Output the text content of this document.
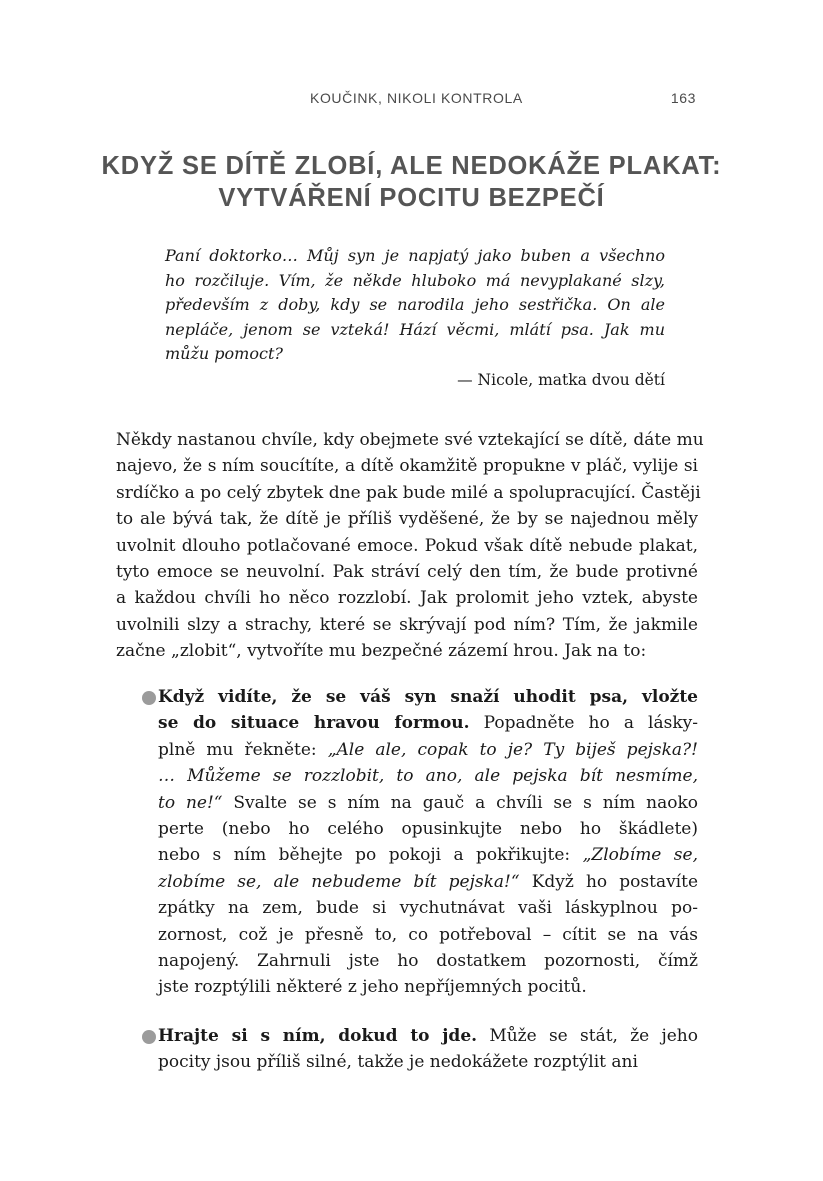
KOUČINK, NIKOLI KONTROLA	163
KDYŽ SE DÍTĚ ZLOBÍ, ALE NEDOKÁŽE PLAKAT:
VYTVÁŘENÍ POCITU BEZPEČÍ
Paní doktorko… Můj syn je napjatý jako buben a všechno
ho rozčiluje. Vím, že někde hluboko má nevyplakané slzy,
především z doby, kdy se narodila jeho sestřička. On ale
nepláče, jenom se vzteká! Hází věcmi, mlátí psa. Jak mu
můžu pomoct?
— Nicole, matka dvou dětí
Někdy nastanou chvíle, kdy obejmete své vztekající se dítě, dáte mu
najevo, že s ním soucítíte, a dítě okamžitě propukne v pláč, vylije si
srdíčko a po celý zbytek dne pak bude milé a spolupracující. Častěji
to ale bývá tak, že dítě je příliš vyděšené, že by se najednou měly
uvolnit dlouho potlačované emoce. Pokud však dítě nebude plakat,
tyto emoce se neuvolní. Pak stráví celý den tím, že bude protivné
a každou chvíli ho něco rozzlobí. Jak prolomit jeho vztek, abyste
uvolnili slzy a strachy, které se skrývají pod ním? Tím, že jakmile
začne „zlobit“, vytvoříte mu bezpečné zázemí hrou. Jak na to:
Když vidíte, že se váš syn snaží uhodit psa, vložte
se do situace hravou formou. Popadněte ho a lásky-
plně mu řekněte: „Ale ale, copak to je? Ty biješ pejska?!
… Můžeme se rozzlobit, to ano, ale pejska bít nesmíme,
to ne!“ Svalte se s ním na gauč a chvíli se s ním naoko
perte (nebo ho celého opusinkujte nebo ho škádlete)
nebo s ním běhejte po pokoji a pokřikujte: „Zlobíme se,
zlobíme se, ale nebudeme bít pejska!“ Když ho postavíte
zpátky na zem, bude si vychutnávat vaši láskyplnou po-
zornost, což je přesně to, co potřeboval – cítit se na vás
napojený. Zahrnuli jste ho dostatkem pozornosti, čímž
jste rozptýlili některé z jeho nepříjemných pocitů.
Hrajte si s ním, dokud to jde. Může se stát, že jeho
pocity jsou příliš silné, takže je nedokážete rozptýlit ani
